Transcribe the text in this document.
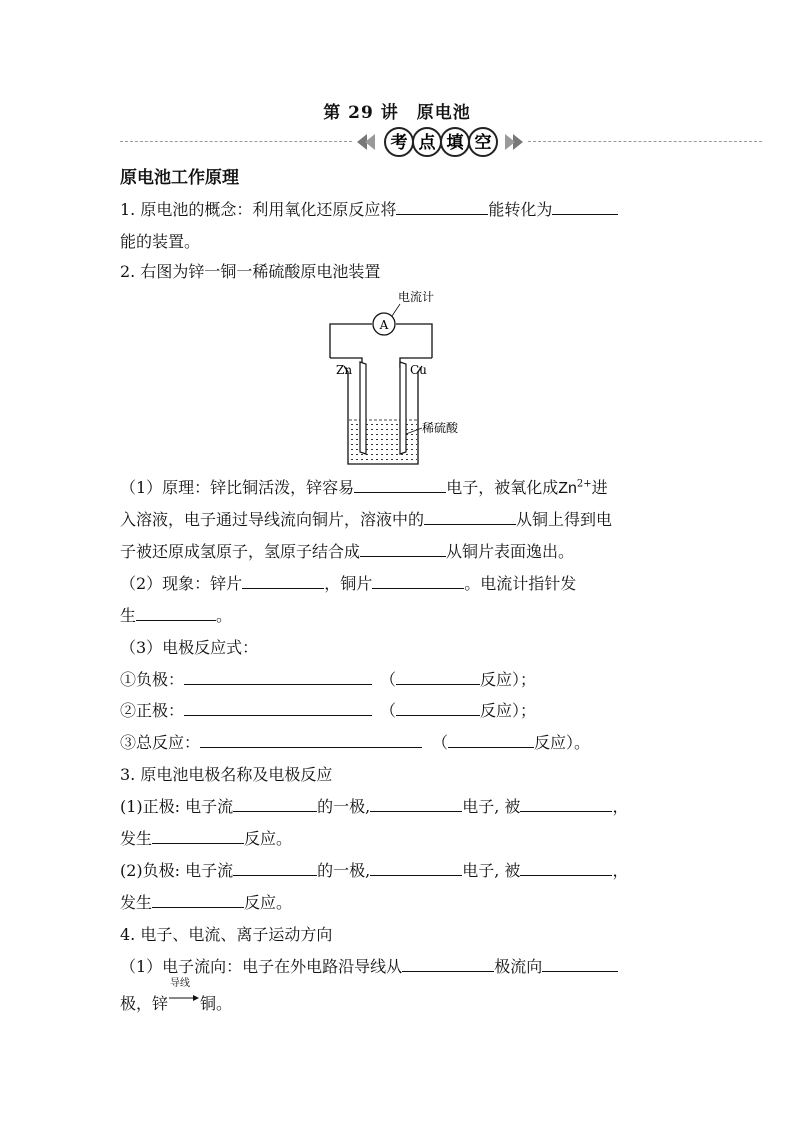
第 29 讲　原电池
考 点 填 空
原电池工作原理
1. 原电池的概念：利用氧化还原反应将	能转化为
能的装置。
2. 右图为锌一铜一稀硫酸原电池装置
A
电流计
Zn	Cu
稀硫酸
（1）原理：锌比铜活泼，锌容易	电子，被氧化成$Zn^{2+}$进
入溶液，电子通过导线流向铜片，溶液中的	从铜上得到电
子被还原成氢原子，氢原子结合成	从铜片表面逸出。
（2）现象：锌片	，铜片	。电流计指针发
生	。
（3）电极反应式：
①负极：	（	反应）；
②正极：	（	反应）；
③总反应：	（	反应）。
3. 原电池电极名称及电极反应
(1)正极: 电子流	的一极,	电子, 被	，
发生	反应。
(2)负极: 电子流	的一极,	电子, 被	，
发生	反应。
4. 电子、电流、离子运动方向
（1）电子流向：电子在外电路沿导线从	极流向
极，锌
导线
铜。
